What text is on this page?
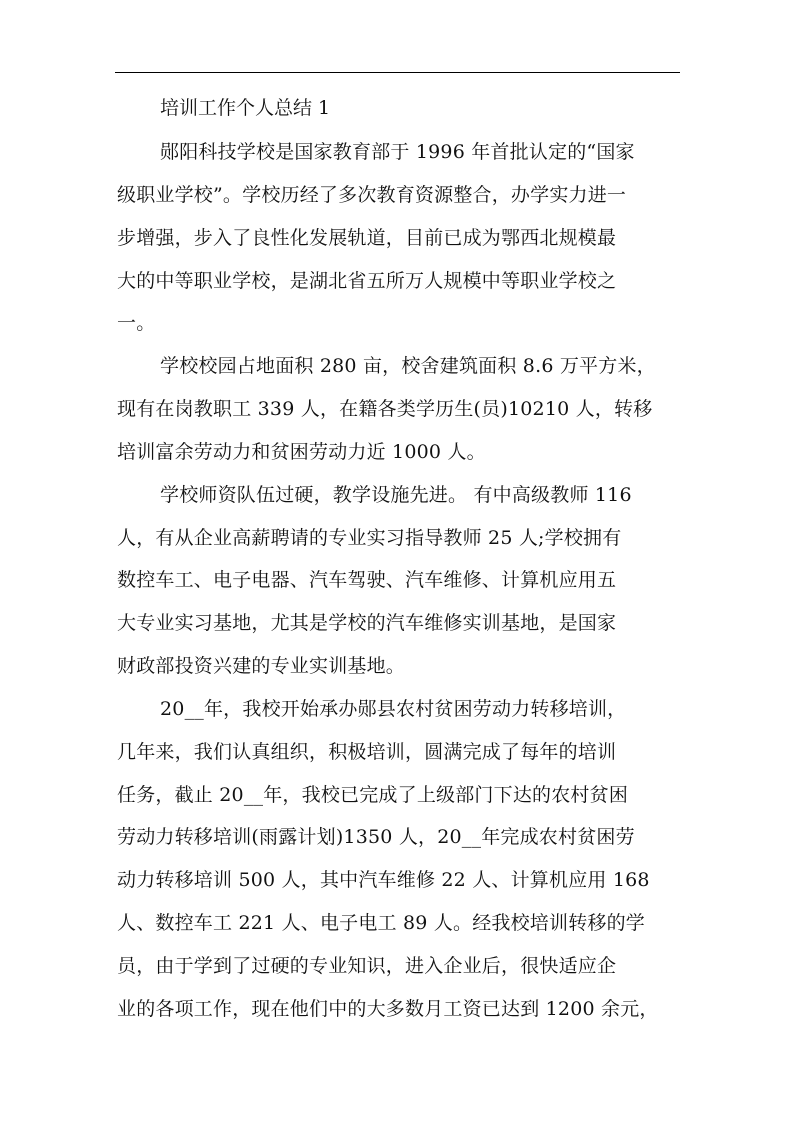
培训工作个人总结 1
郧阳科技学校是国家教育部于 1996 年首批认定的“国家
级职业学校”。学校历经了多次教育资源整合，办学实力进一
步增强，步入了良性化发展轨道，目前已成为鄂西北规模最
大的中等职业学校，是湖北省五所万人规模中等职业学校之
一。
学校校园占地面积 280 亩，校舍建筑面积 8.6 万平方米，
现有在岗教职工 339 人，在籍各类学历生(员)10210 人，转移
培训富余劳动力和贫困劳动力近 1000 人。
学校师资队伍过硬，教学设施先进。 有中高级教师 116
人，有从企业高薪聘请的专业实习指导教师 25 人;学校拥有
数控车工、电子电器、汽车驾驶、汽车维修、计算机应用五
大专业实习基地，尤其是学校的汽车维修实训基地，是国家
财政部投资兴建的专业实训基地。
20__年，我校开始承办郧县农村贫困劳动力转移培训，
几年来，我们认真组织，积极培训，圆满完成了每年的培训
任务，截止 20__年，我校已完成了上级部门下达的农村贫困
劳动力转移培训(雨露计划)1350 人，20__年完成农村贫困劳
动力转移培训 500 人，其中汽车维修 22 人、计算机应用 168
人、数控车工 221 人、电子电工 89 人。经我校培训转移的学
员，由于学到了过硬的专业知识，进入企业后，很快适应企
业的各项工作，现在他们中的大多数月工资已达到 1200 余元，
